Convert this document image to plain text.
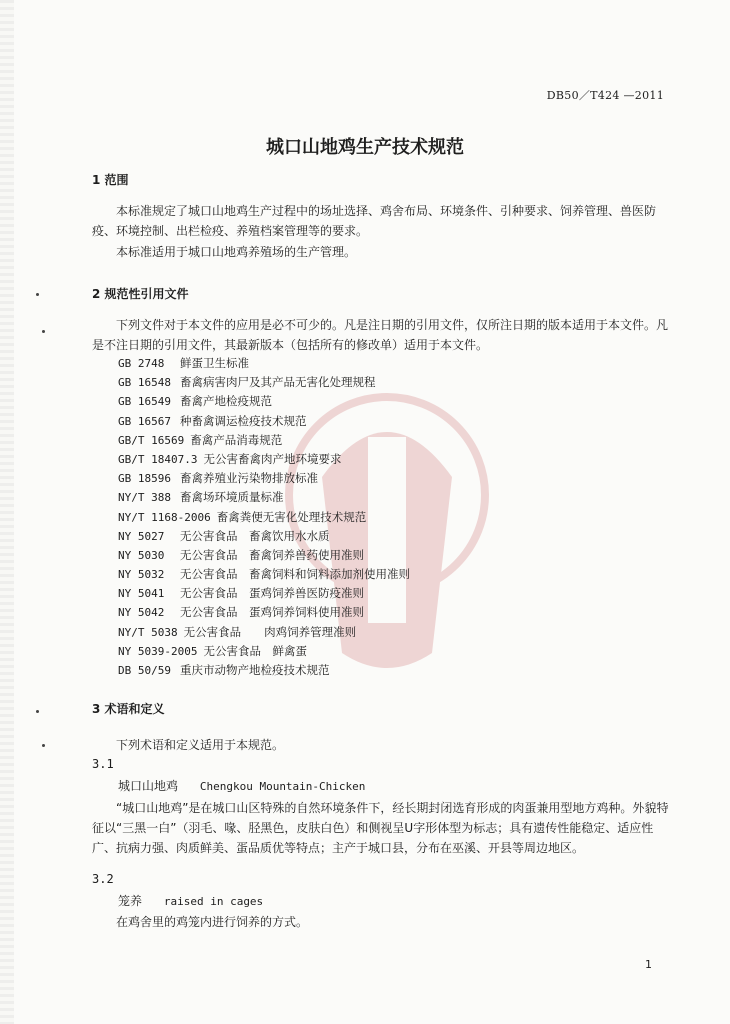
DB50／T424 —2011
城口山地鸡生产技术规范
1 范围
本标准规定了城口山地鸡生产过程中的场址选择、鸡舍布局、环境条件、引种要求、饲养管理、兽医防疫、环境控制、出栏检疫、养殖档案管理等的要求。
本标准适用于城口山地鸡养殖场的生产管理。
2 规范性引用文件
下列文件对于本文件的应用是必不可少的。凡是注日期的引用文件，仅所注日期的版本适用于本文件。凡是不注日期的引用文件，其最新版本（包括所有的修改单）适用于本文件。
GB 2748 鲜蛋卫生标准
GB 16548 畜禽病害肉尸及其产品无害化处理规程
GB 16549 畜禽产地检疫规范
GB 16567 种畜禽调运检疫技术规范
GB/T 16569 畜禽产品消毒规范
GB/T 18407.3 无公害畜禽肉产地环境要求
GB 18596 畜禽养殖业污染物排放标准
NY/T 388 畜禽场环境质量标准
NY/T 1168-2006 畜禽粪便无害化处理技术规范
NY 5027 无公害食品　畜禽饮用水水质
NY 5030 无公害食品　畜禽饲养兽药使用准则
NY 5032 无公害食品　畜禽饲料和饲料添加剂使用准则
NY 5041 无公害食品　蛋鸡饲养兽医防疫准则
NY 5042 无公害食品　蛋鸡饲养饲料使用准则
NY/T 5038 无公害食品　　肉鸡饲养管理准则
NY 5039-2005 无公害食品　鲜禽蛋
DB 50/59 重庆市动物产地检疫技术规范
3 术语和定义
下列术语和定义适用于本规范。
3.1
城口山地鸡 Chengkou Mountain-Chicken
“城口山地鸡”是在城口山区特殊的自然环境条件下，经长期封闭选育形成的肉蛋兼用型地方鸡种。外貌特征以“三黑一白”（羽毛、喙、胫黑色，皮肤白色）和侧视呈U字形体型为标志；具有遗传性能稳定、适应性广、抗病力强、肉质鲜美、蛋品质优等特点；主产于城口县，分布在巫溪、开县等周边地区。
3.2
笼养 raised in cages
在鸡舍里的鸡笼内进行饲养的方式。
1
